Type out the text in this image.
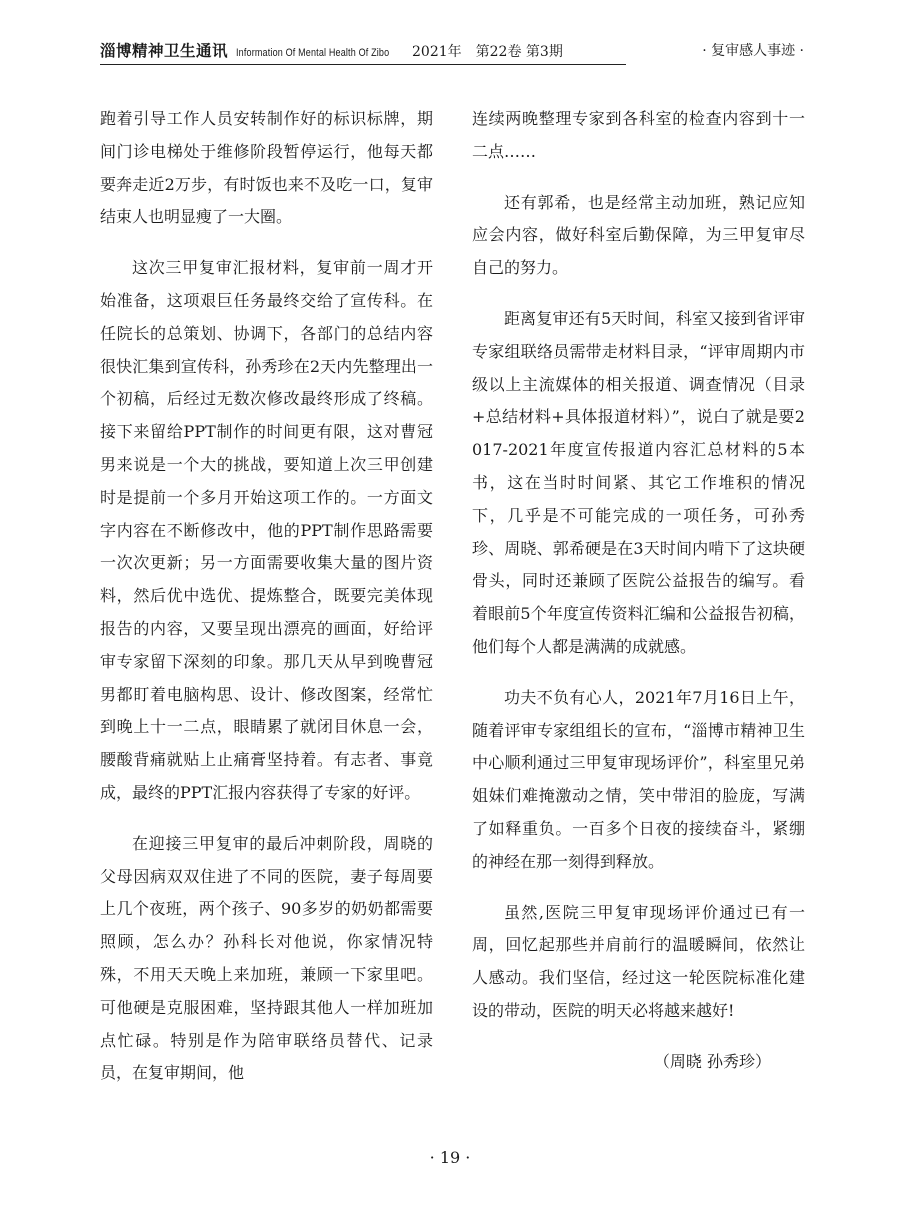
淄博精神卫生通讯 Information Of Mental Health Of Zibo 2021年　第22卷 第3期	· 复审感人事迹 ·

跑着引导工作人员安转制作好的标识标牌，期间门诊电梯处于维修阶段暂停运行，他每天都要奔走近2万步，有时饭也来不及吃一口，复审结束人也明显瘦了一大圈。

这次三甲复审汇报材料，复审前一周才开始准备，这项艰巨任务最终交给了宣传科。在任院长的总策划、协调下，各部门的总结内容很快汇集到宣传科，孙秀珍在2天内先整理出一个初稿，后经过无数次修改最终形成了终稿。接下来留给PPT制作的时间更有限，这对曹冠男来说是一个大的挑战，要知道上次三甲创建时是提前一个多月开始这项工作的。一方面文字内容在不断修改中，他的PPT制作思路需要一次次更新；另一方面需要收集大量的图片资料，然后优中选优、提炼整合，既要完美体现报告的内容，又要呈现出漂亮的画面，好给评审专家留下深刻的印象。那几天从早到晚曹冠男都盯着电脑构思、设计、修改图案，经常忙到晚上十一二点，眼睛累了就闭目休息一会，腰酸背痛就贴上止痛膏坚持着。有志者、事竟成，最终的PPT汇报内容获得了专家的好评。

在迎接三甲复审的最后冲刺阶段，周晓的父母因病双双住进了不同的医院，妻子每周要上几个夜班，两个孩子、90多岁的奶奶都需要照顾，怎么办？孙科长对他说，你家情况特殊，不用天天晚上来加班，兼顾一下家里吧。可他硬是克服困难，坚持跟其他人一样加班加点忙碌。特别是作为陪审联络员替代、记录员，在复审期间，他

连续两晚整理专家到各科室的检查内容到十一二点……

还有郭希，也是经常主动加班，熟记应知应会内容，做好科室后勤保障，为三甲复审尽自己的努力。

距离复审还有5天时间，科室又接到省评审专家组联络员需带走材料目录，“评审周期内市级以上主流媒体的相关报道、调查情况（目录+总结材料+具体报道材料）”，说白了就是要2017-2021年度宣传报道内容汇总材料的5本书，这在当时时间紧、其它工作堆积的情况下，几乎是不可能完成的一项任务，可孙秀珍、周晓、郭希硬是在3天时间内啃下了这块硬骨头，同时还兼顾了医院公益报告的编写。看着眼前5个年度宣传资料汇编和公益报告初稿，他们每个人都是满满的成就感。

功夫不负有心人，2021年7月16日上午，随着评审专家组组长的宣布，“淄博市精神卫生中心顺利通过三甲复审现场评价”，科室里兄弟姐妹们难掩激动之情，笑中带泪的脸庞，写满了如释重负。一百多个日夜的接续奋斗，紧绷的神经在那一刻得到释放。

虽然,医院三甲复审现场评价通过已有一周，回忆起那些并肩前行的温暖瞬间，依然让人感动。我们坚信，经过这一轮医院标准化建设的带动，医院的明天必将越来越好!

（周晓 孙秀珍）

· 19 ·
